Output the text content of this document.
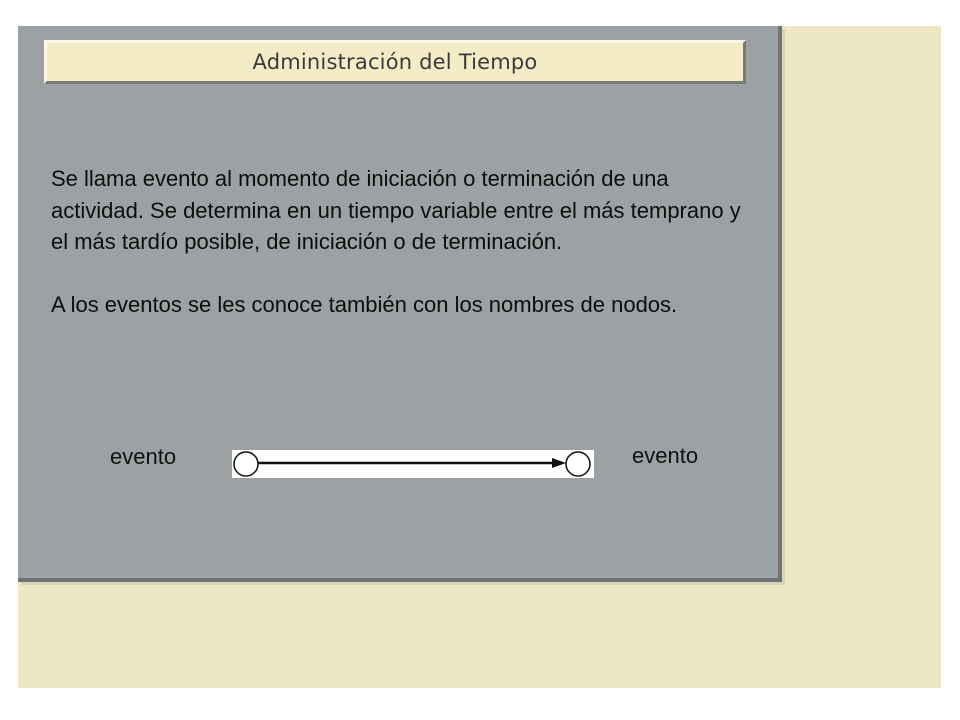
Administración del Tiempo

Se llama evento al momento de iniciación o terminación de una actividad. Se determina en un tiempo variable entre el más temprano y el más tardío posible, de iniciación o de terminación.

A los eventos se les conoce también con los nombres de nodos.

evento	evento
